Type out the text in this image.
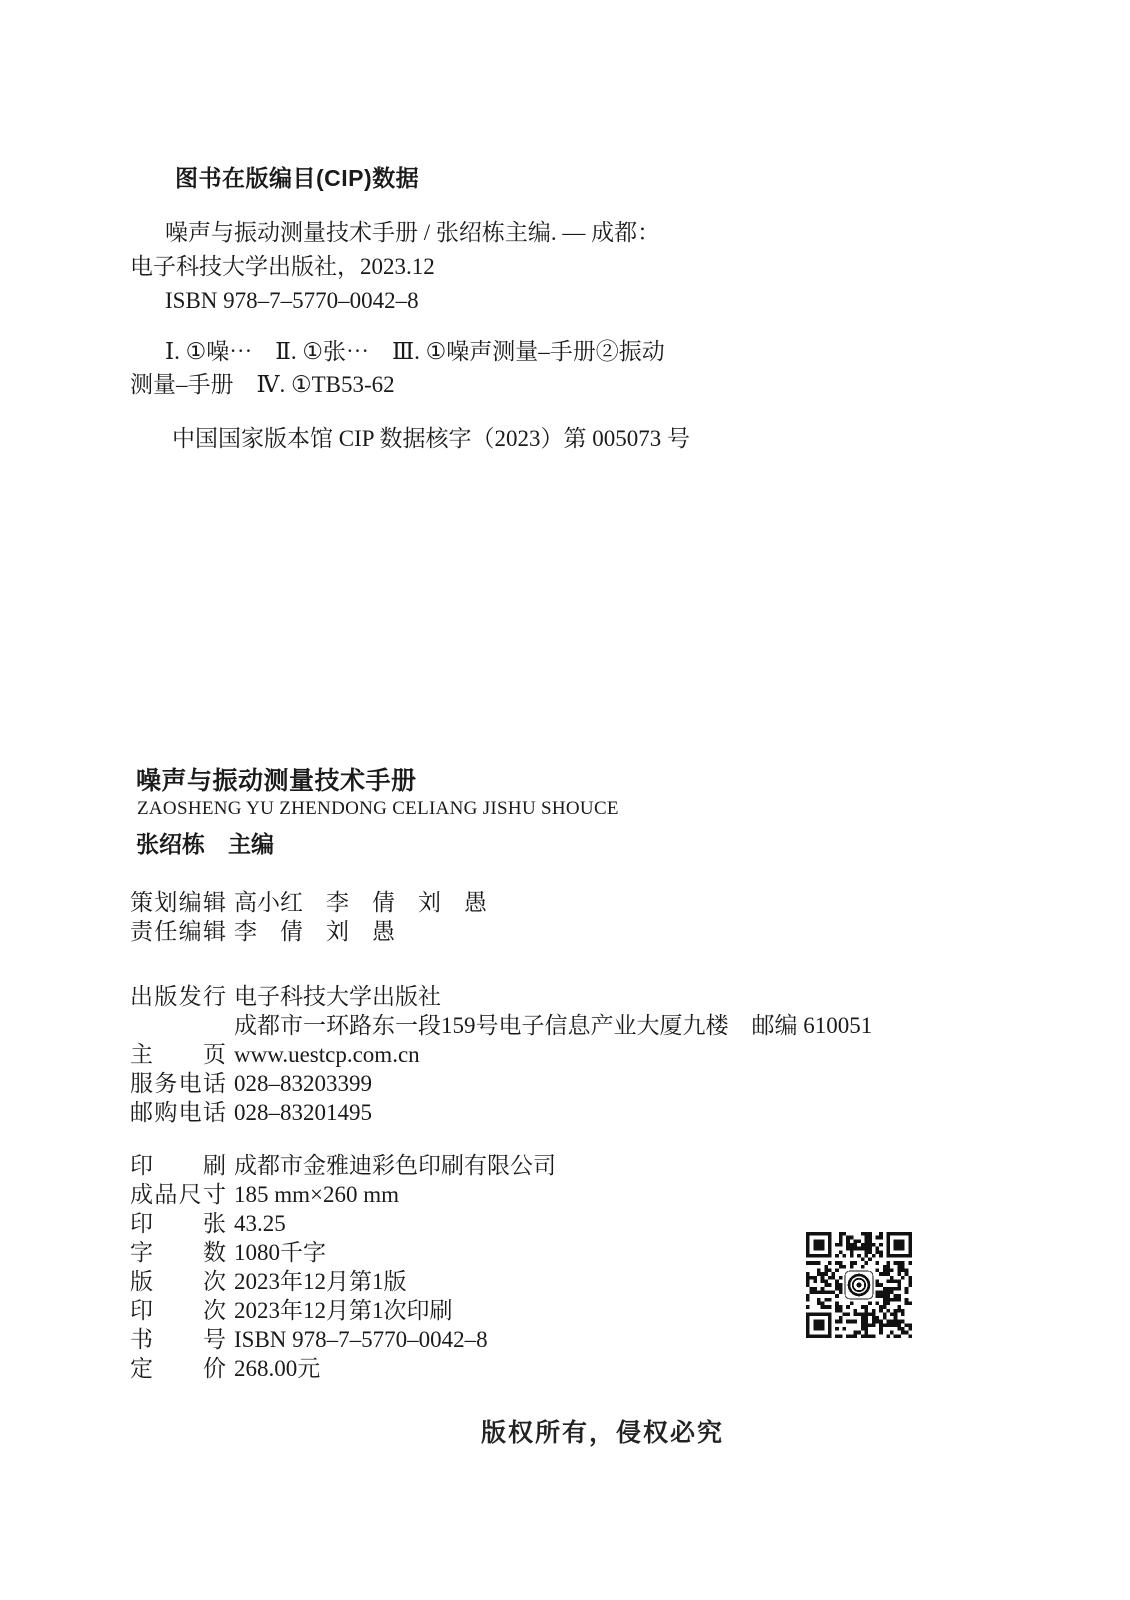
图书在版编目(CIP)数据
噪声与振动测量技术手册 / 张绍栋主编. — 成都：
电子科技大学出版社，2023.12
ISBN 978–7–5770–0042–8
Ⅰ. ①噪⋯　Ⅱ. ①张⋯　Ⅲ. ①噪声测量–手册②振动
测量–手册　Ⅳ. ①TB53-62
中国国家版本馆 CIP 数据核字（2023）第 005073 号
噪声与振动测量技术手册
ZAOSHENG YU ZHENDONG CELIANG JISHU SHOUCE
张绍栋　主编
策划编辑 高小红　李　倩　刘　愚
责任编辑 李　倩　刘　愚
出版发行 电子科技大学出版社
成都市一环路东一段159号电子信息产业大厦九楼　邮编 610051
主页 www.uestcp.com.cn
服务电话 028–83203399
邮购电话 028–83201495
印刷 成都市金雅迪彩色印刷有限公司
成品尺寸 185 mm×260 mm
印张 43.25
字数 1080千字
版次 2023年12月第1版
印次 2023年12月第1次印刷
书号 ISBN 978–7–5770–0042–8
定价 268.00元
版权所有，侵权必究
